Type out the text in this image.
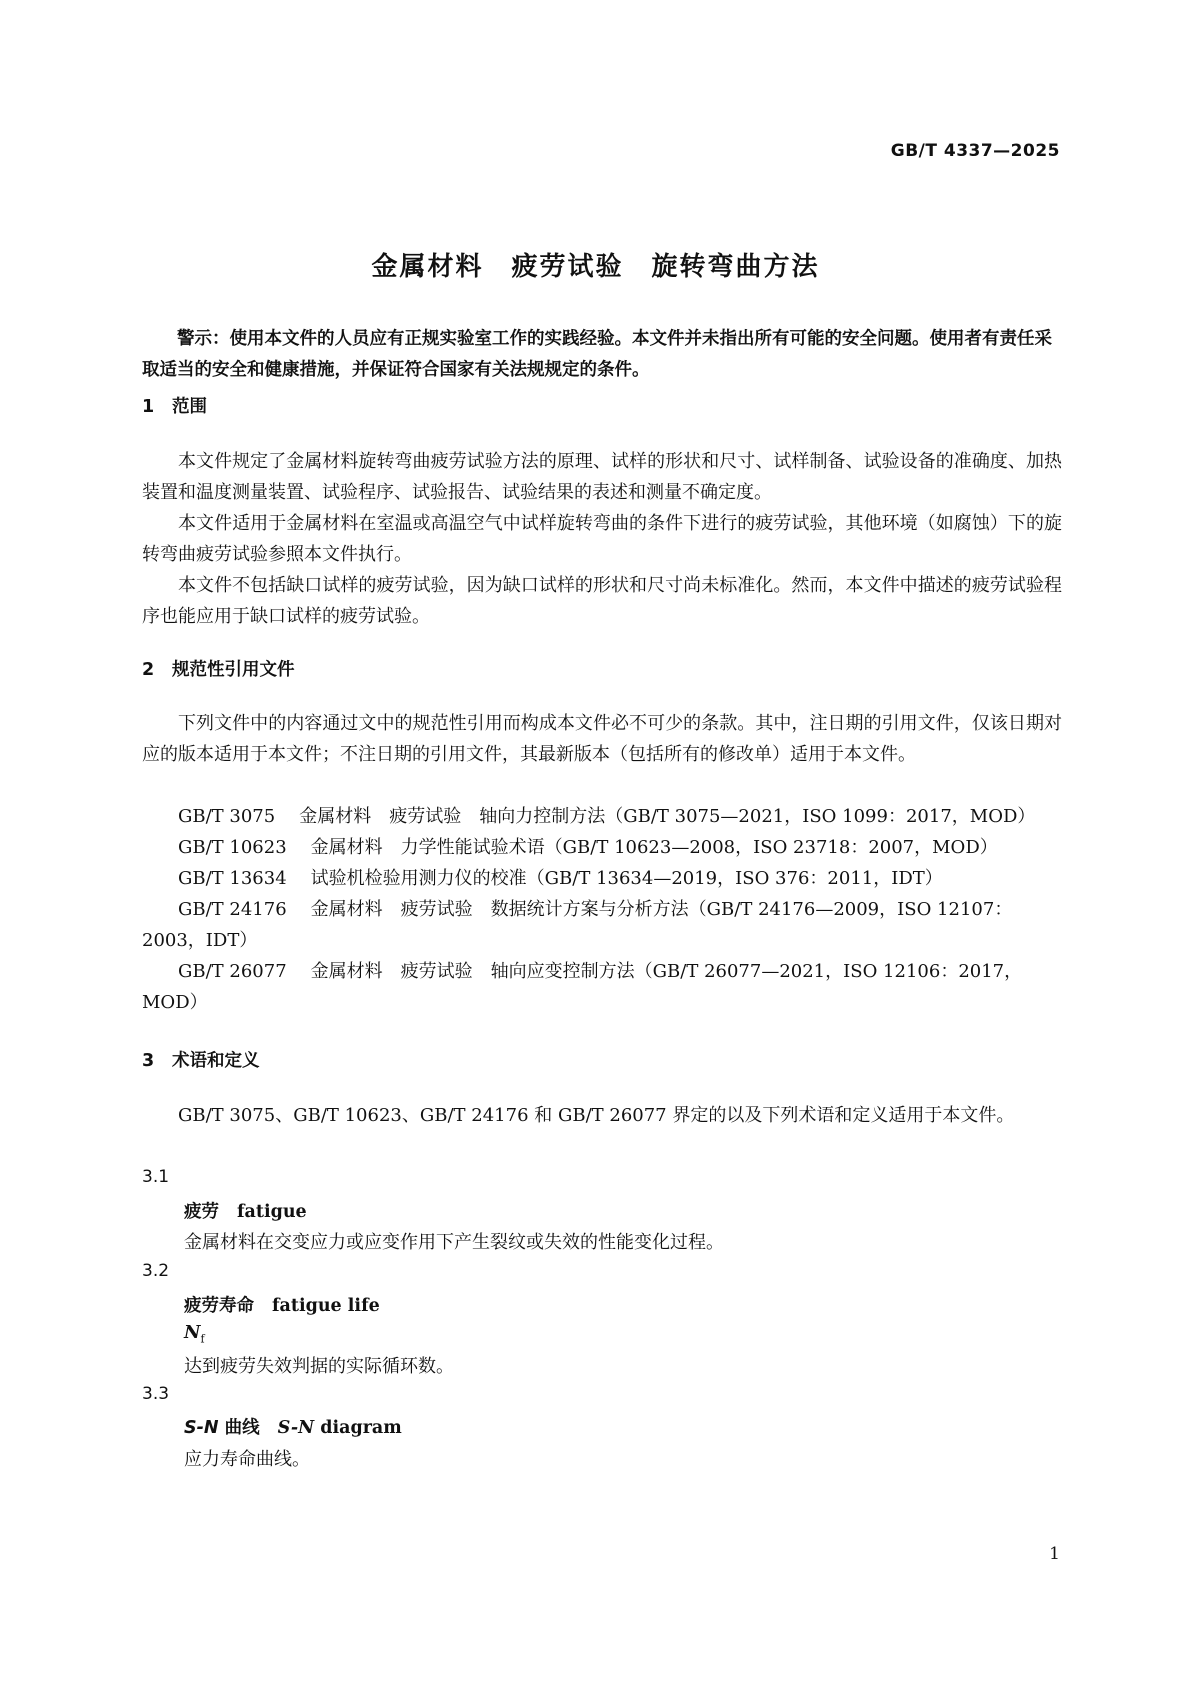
GB/T 4337—2025
金属材料　疲劳试验　旋转弯曲方法
警示：使用本文件的人员应有正规实验室工作的实践经验。本文件并未指出所有可能的安全问题。使用者有责任采取适当的安全和健康措施，并保证符合国家有关法规规定的条件。
1 范围
本文件规定了金属材料旋转弯曲疲劳试验方法的原理、试样的形状和尺寸、试样制备、试验设备的准确度、加热装置和温度测量装置、试验程序、试验报告、试验结果的表述和测量不确定度。
本文件适用于金属材料在室温或高温空气中试样旋转弯曲的条件下进行的疲劳试验，其他环境（如腐蚀）下的旋转弯曲疲劳试验参照本文件执行。
本文件不包括缺口试样的疲劳试验，因为缺口试样的形状和尺寸尚未标准化。然而，本文件中描述的疲劳试验程序也能应用于缺口试样的疲劳试验。
2 规范性引用文件
下列文件中的内容通过文中的规范性引用而构成本文件必不可少的条款。其中，注日期的引用文件，仅该日期对应的版本适用于本文件；不注日期的引用文件，其最新版本（包括所有的修改单）适用于本文件。
GB/T 3075 金属材料　疲劳试验　轴向力控制方法（GB/T 3075—2021，ISO 1099：2017，MOD）
GB/T 10623 金属材料　力学性能试验术语（GB/T 10623—2008，ISO 23718：2007，MOD）
GB/T 13634 试验机检验用测力仪的校准（GB/T 13634—2019，ISO 376：2011，IDT）
GB/T 24176 金属材料　疲劳试验　数据统计方案与分析方法（GB/T 24176—2009，ISO 12107：2003，IDT）
GB/T 26077 金属材料　疲劳试验　轴向应变控制方法（GB/T 26077—2021，ISO 12106：2017，MOD）
3 术语和定义
GB/T 3075、GB/T 10623、GB/T 24176 和 GB/T 26077 界定的以及下列术语和定义适用于本文件。
3.1
疲劳 fatigue
金属材料在交变应力或应变作用下产生裂纹或失效的性能变化过程。
3.2
疲劳寿命 fatigue life
$N_f$
达到疲劳失效判据的实际循环数。
3.3
S-N 曲线 S-N diagram
应力寿命曲线。
1
